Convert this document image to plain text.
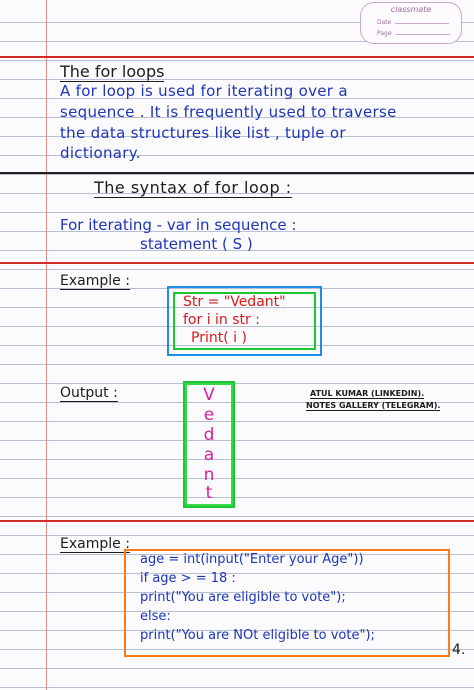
classmate
Date
Page
The for loops
A for loop is used for iterating over a
sequence . It is frequently used to traverse
the data structures like list , tuple or
dictionary.
The syntax of for loop :
For iterating - var in sequence :
statement ( S )
Example :
Str = "Vedant"
for i in str :
Print( i )
Output :	V
e
d
a
n
t
ATUL KUMAR (LINKEDIN).
NOTES GALLERY (TELEGRAM).
Example :
age = int(input("Enter your Age"))
if age > = 18 :
print("You are eligible to vote");
else:
print("You are NOt eligible to vote");
4.
